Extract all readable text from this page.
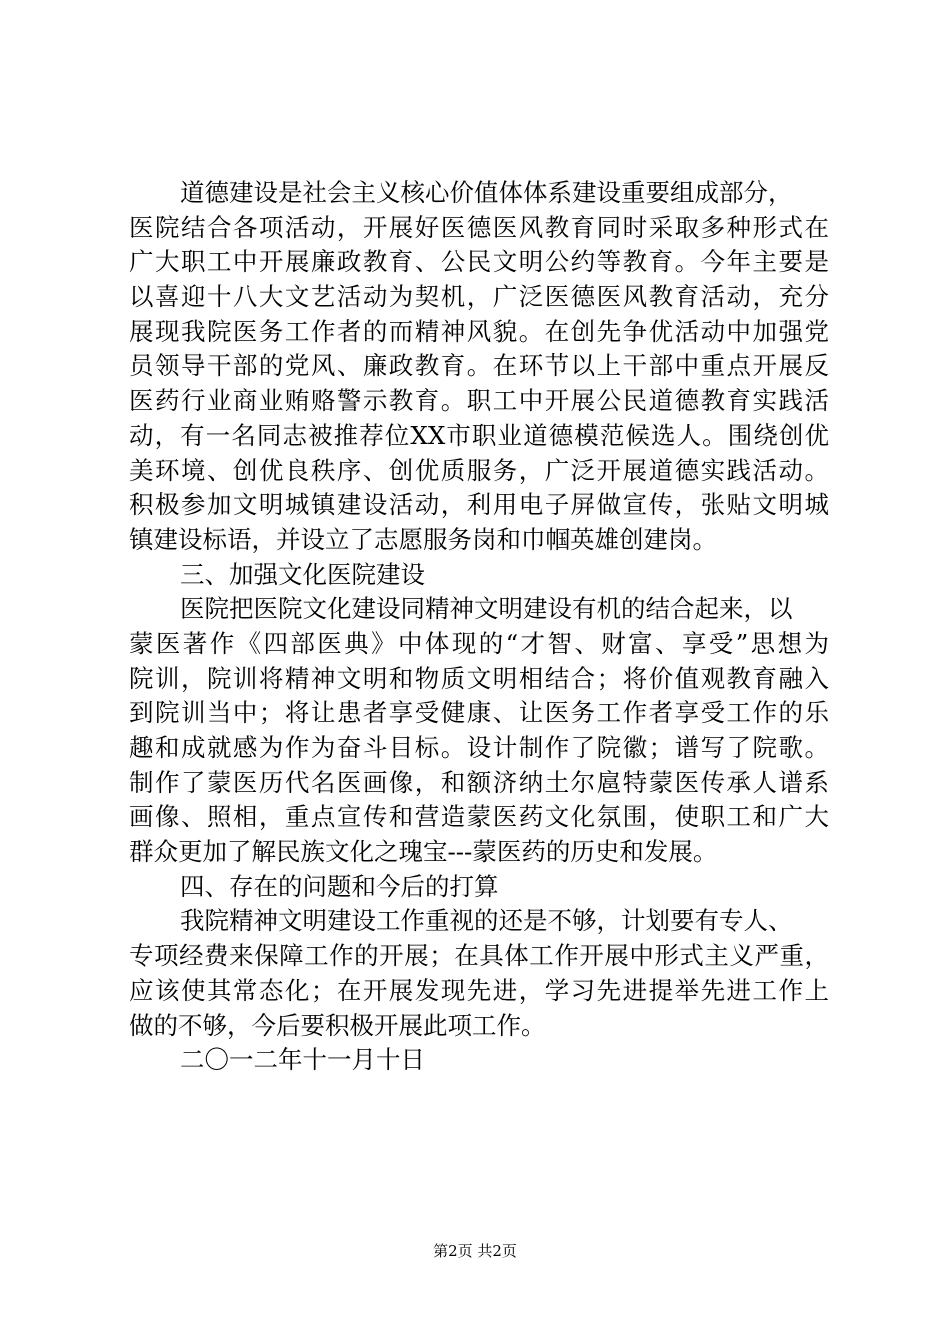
道德建设是社会主义核心价值体体系建设重要组成部分，
医院结合各项活动，开展好医德医风教育同时采取多种形式在
广大职工中开展廉政教育、公民文明公约等教育。今年主要是
以喜迎十八大文艺活动为契机，广泛医德医风教育活动，充分
展现我院医务工作者的而精神风貌。在创先争优活动中加强党
员领导干部的党风、廉政教育。在环节以上干部中重点开展反
医药行业商业贿赂警示教育。职工中开展公民道德教育实践活
动，有一名同志被推荐位XX市职业道德模范候选人。围绕创优
美环境、创优良秩序、创优质服务，广泛开展道德实践活动。
积极参加文明城镇建设活动，利用电子屏做宣传，张贴文明城
镇建设标语，并设立了志愿服务岗和巾帼英雄创建岗。
三、加强文化医院建设
医院把医院文化建设同精神文明建设有机的结合起来，以
蒙医著作《四部医典》中体现的“才智、财富、享受”思想为
院训，院训将精神文明和物质文明相结合；将价值观教育融入
到院训当中；将让患者享受健康、让医务工作者享受工作的乐
趣和成就感为作为奋斗目标。设计制作了院徽；谱写了院歌。
制作了蒙医历代名医画像，和额济纳土尔扈特蒙医传承人谱系
画像、照相，重点宣传和营造蒙医药文化氛围，使职工和广大
群众更加了解民族文化之瑰宝---蒙医药的历史和发展。
四、存在的问题和今后的打算
我院精神文明建设工作重视的还是不够，计划要有专人、
专项经费来保障工作的开展；在具体工作开展中形式主义严重，
应该使其常态化；在开展发现先进，学习先进提举先进工作上
做的不够，今后要积极开展此项工作。
二〇一二年十一月十日
第2页 共2页
